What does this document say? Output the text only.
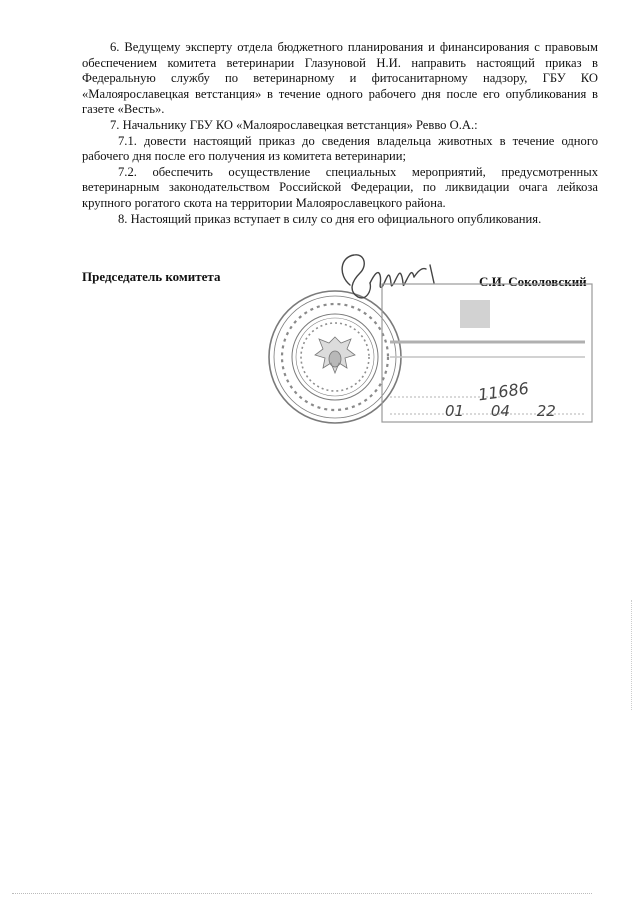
6. Ведущему эксперту отдела бюджетного планирования и финансирования с правовым обеспечением комитета ветеринарии Глазуновой Н.И. направить настоящий приказ в Федеральную службу по ветеринарному и фитосанитарному надзору, ГБУ КО «Малоярославецкая ветстанция» в течение одного рабочего дня после его опубликования в газете «Весть».

7. Начальнику ГБУ КО «Малоярославецкая ветстанция» Ревво О.А.:

7.1. довести настоящий приказ до сведения владельца животных в течение одного рабочего дня после его получения из комитета ветеринарии;

7.2. обеспечить осуществление специальных мероприятий, предусмотренных ветеринарным законодательством Российской Федерации, по ликвидации очага лейкоза крупного рогатого скота на территории Малоярославецкого района.

8. Настоящий приказ вступает в силу со дня его официального опубликования.

Председатель комитета	С.И. Соколовский
11686
01 04 22
